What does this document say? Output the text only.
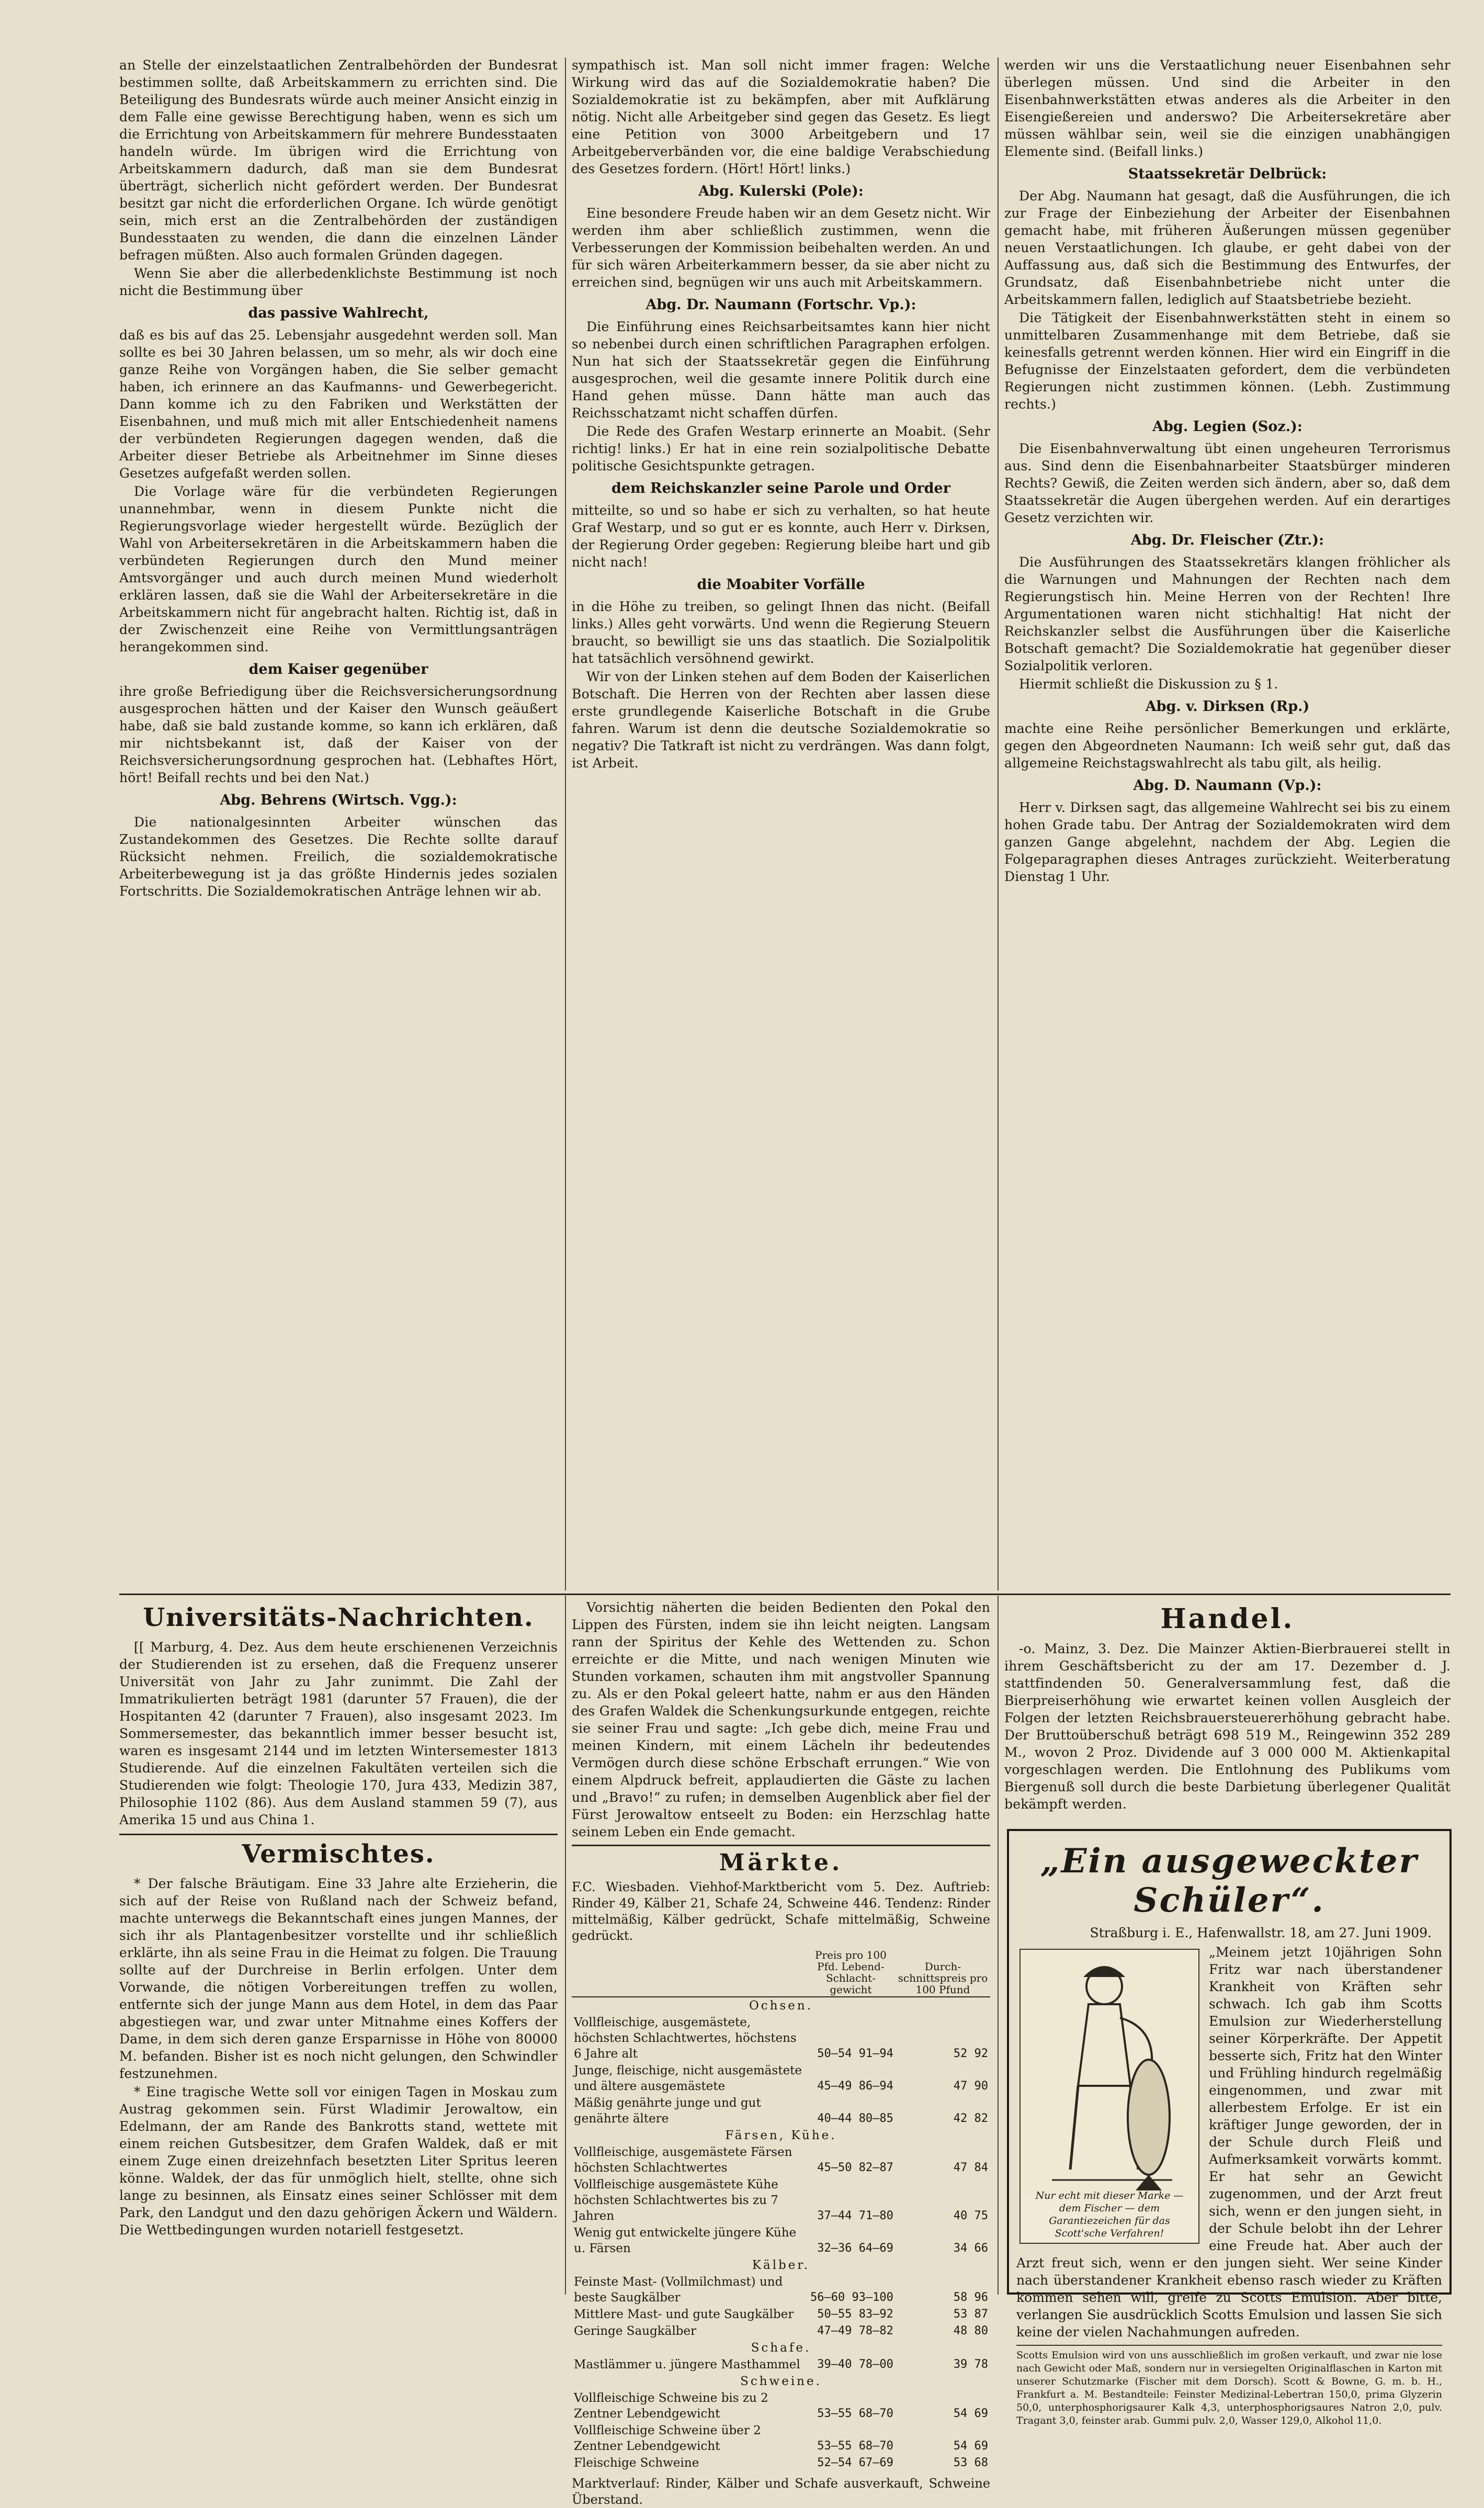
an Stelle der einzelstaatlichen Zentralbehörden der Bundesrat bestimmen sollte, daß Arbeitskammern zu errichten sind. Die Beteiligung des Bundesrats würde auch meiner Ansicht einzig in dem Falle eine gewisse Berechtigung haben, wenn es sich um die Errichtung von Arbeitskammern für mehrere Bundesstaaten handeln würde. Im übrigen wird die Errichtung von Arbeitskammern dadurch, daß man sie dem Bundesrat überträgt, sicherlich nicht gefördert werden. Der Bundesrat besitzt gar nicht die erforderlichen Organe. Ich würde genötigt sein, mich erst an die Zentralbehörden der zuständigen Bundesstaaten zu wenden, die dann die einzelnen Länder befragen müßten. Also auch formalen Gründen dagegen.

Wenn Sie aber die allerbedenklichste Bestimmung ist noch nicht die Bestimmung über

das passive Wahlrecht,

daß es bis auf das 25. Lebensjahr ausgedehnt werden soll. Man sollte es bei 30 Jahren belassen, um so mehr, als wir doch eine ganze Reihe von Vorgängen haben, die Sie selber gemacht haben, ich erinnere an das Kaufmanns- und Gewerbegericht. Dann komme ich zu den Fabriken und Werkstätten der Eisenbahnen, und muß mich mit aller Entschiedenheit namens der verbündeten Regierungen dagegen wenden, daß die Arbeiter dieser Betriebe als Arbeitnehmer im Sinne dieses Gesetzes aufgefaßt werden sollen.

Die Vorlage wäre für die verbündeten Regierungen unannehmbar, wenn in diesem Punkte nicht die Regierungsvorlage wieder hergestellt würde. Bezüglich der Wahl von Arbeitersekretären in die Arbeitskammern haben die verbündeten Regierungen durch den Mund meiner Amtsvorgänger und auch durch meinen Mund wiederholt erklären lassen, daß sie die Wahl der Arbeitersekretäre in die Arbeitskammern nicht für angebracht halten. Richtig ist, daß in der Zwischenzeit eine Reihe von Vermittlungsanträgen herangekommen sind.

dem Kaiser gegenüber

ihre große Befriedigung über die Reichsversicherungsordnung ausgesprochen hätten und der Kaiser den Wunsch geäußert habe, daß sie bald zustande komme, so kann ich erklären, daß mir nichtsbekannt ist, daß der Kaiser von der Reichsversicherungsordnung gesprochen hat. (Lebhaftes Hört, hört! Beifall rechts und bei den Nat.)

Abg. Behrens (Wirtsch. Vgg.):

Die nationalgesinnten Arbeiter wünschen das Zustandekommen des Gesetzes. Die Rechte sollte darauf Rücksicht nehmen. Freilich, die sozialdemokratische Arbeiterbewegung ist ja das größte Hindernis jedes sozialen Fortschritts. Die Sozialdemokratischen Anträge lehnen wir ab.

sympathisch ist. Man soll nicht immer fragen: Welche Wirkung wird das auf die Sozialdemokratie haben? Die Sozialdemokratie ist zu bekämpfen, aber mit Aufklärung nötig. Nicht alle Arbeitgeber sind gegen das Gesetz. Es liegt eine Petition von 3000 Arbeitgebern und 17 Arbeitgeberverbänden vor, die eine baldige Verabschiedung des Gesetzes fordern. (Hört! Hört! links.)

Abg. Kulerski (Pole):

Eine besondere Freude haben wir an dem Gesetz nicht. Wir werden ihm aber schließlich zustimmen, wenn die Verbesserungen der Kommission beibehalten werden. An und für sich wären Arbeiterkammern besser, da sie aber nicht zu erreichen sind, begnügen wir uns auch mit Arbeitskammern.

Abg. Dr. Naumann (Fortschr. Vp.):

Die Einführung eines Reichsarbeitsamtes kann hier nicht so nebenbei durch einen schriftlichen Paragraphen erfolgen. Nun hat sich der Staatssekretär gegen die Einführung ausgesprochen, weil die gesamte innere Politik durch eine Hand gehen müsse. Dann hätte man auch das Reichsschatzamt nicht schaffen dürfen.

Die Rede des Grafen Westarp erinnerte an Moabit. (Sehr richtig! links.) Er hat in eine rein sozialpolitische Debatte politische Gesichtspunkte getragen.

dem Reichskanzler seine Parole und Order

mitteilte, so und so habe er sich zu verhalten, so hat heute Graf Westarp, und so gut er es konnte, auch Herr v. Dirksen, der Regierung Order gegeben: Regierung bleibe hart und gib nicht nach!

die Moabiter Vorfälle

in die Höhe zu treiben, so gelingt Ihnen das nicht. (Beifall links.) Alles geht vorwärts. Und wenn die Regierung Steuern braucht, so bewilligt sie uns das staatlich. Die Sozialpolitik hat tatsächlich versöhnend gewirkt.

Wir von der Linken stehen auf dem Boden der Kaiserlichen Botschaft. Die Herren von der Rechten aber lassen diese erste grundlegende Kaiserliche Botschaft in die Grube fahren. Warum ist denn die deutsche Sozialdemokratie so negativ? Die Tatkraft ist nicht zu verdrängen. Was dann folgt, ist Arbeit.

werden wir uns die Verstaatlichung neuer Eisenbahnen sehr überlegen müssen. Und sind die Arbeiter in den Eisenbahnwerkstätten etwas anderes als die Arbeiter in den Eisengießereien und anderswo? Die Arbeitersekretäre aber müssen wählbar sein, weil sie die einzigen unabhängigen Elemente sind. (Beifall links.)

Staatssekretär Delbrück:

Der Abg. Naumann hat gesagt, daß die Ausführungen, die ich zur Frage der Einbeziehung der Arbeiter der Eisenbahnen gemacht habe, mit früheren Äußerungen müssen gegenüber neuen Verstaatlichungen. Ich glaube, er geht dabei von der Auffassung aus, daß sich die Bestimmung des Entwurfes, der Grundsatz, daß Eisenbahnbetriebe nicht unter die Arbeitskammern fallen, lediglich auf Staatsbetriebe bezieht.

Die Tätigkeit der Eisenbahnwerkstätten steht in einem so unmittelbaren Zusammenhange mit dem Betriebe, daß sie keinesfalls getrennt werden können. Hier wird ein Eingriff in die Befugnisse der Einzelstaaten gefordert, dem die verbündeten Regierungen nicht zustimmen können. (Lebh. Zustimmung rechts.)

Abg. Legien (Soz.):

Die Eisenbahnverwaltung übt einen ungeheuren Terrorismus aus. Sind denn die Eisenbahnarbeiter Staatsbürger minderen Rechts? Gewiß, die Zeiten werden sich ändern, aber so, daß dem Staatssekretär die Augen übergehen werden. Auf ein derartiges Gesetz verzichten wir.

Abg. Dr. Fleischer (Ztr.):

Die Ausführungen des Staatssekretärs klangen fröhlicher als die Warnungen und Mahnungen der Rechten nach dem Regierungstisch hin. Meine Herren von der Rechten! Ihre Argumentationen waren nicht stichhaltig! Hat nicht der Reichskanzler selbst die Ausführungen über die Kaiserliche Botschaft gemacht? Die Sozialdemokratie hat gegenüber dieser Sozialpolitik verloren.

Hiermit schließt die Diskussion zu § 1.

Abg. v. Dirksen (Rp.)

machte eine Reihe persönlicher Bemerkungen und erklärte, gegen den Abgeordneten Naumann: Ich weiß sehr gut, daß das allgemeine Reichstagswahlrecht als tabu gilt, als heilig.

Abg. D. Naumann (Vp.):

Herr v. Dirksen sagt, das allgemeine Wahlrecht sei bis zu einem hohen Grade tabu. Der Antrag der Sozialdemokraten wird dem ganzen Gange abgelehnt, nachdem der Abg. Legien die Folgeparagraphen dieses Antrages zurückzieht. Weiterberatung Dienstag 1 Uhr.

Universitäts-Nachrichten.

[[ Marburg, 4. Dez. Aus dem heute erschienenen Verzeichnis der Studierenden ist zu ersehen, daß die Frequenz unserer Universität von Jahr zu Jahr zunimmt. Die Zahl der Immatrikulierten beträgt 1981 (darunter 57 Frauen), die der Hospitanten 42 (darunter 7 Frauen), also insgesamt 2023. Im Sommersemester, das bekanntlich immer besser besucht ist, waren es insgesamt 2144 und im letzten Wintersemester 1813 Studierende. Auf die einzelnen Fakultäten verteilen sich die Studierenden wie folgt: Theologie 170, Jura 433, Medizin 387, Philosophie 1102 (86). Aus dem Ausland stammen 59 (7), aus Amerika 15 und aus China 1.

Vermischtes.

* Der falsche Bräutigam. Eine 33 Jahre alte Erzieherin, die sich auf der Reise von Rußland nach der Schweiz befand, machte unterwegs die Bekanntschaft eines jungen Mannes, der sich ihr als Plantagenbesitzer vorstellte und ihr schließlich erklärte, ihn als seine Frau in die Heimat zu folgen. Die Trauung sollte auf der Durchreise in Berlin erfolgen. Unter dem Vorwande, die nötigen Vorbereitungen treffen zu wollen, entfernte sich der junge Mann aus dem Hotel, in dem das Paar abgestiegen war, und zwar unter Mitnahme eines Koffers der Dame, in dem sich deren ganze Ersparnisse in Höhe von 80000 M. befanden. Bisher ist es noch nicht gelungen, den Schwindler festzunehmen.

* Eine tragische Wette soll vor einigen Tagen in Moskau zum Austrag gekommen sein. Fürst Wladimir Jerowaltow, ein Edelmann, der am Rande des Bankrotts stand, wettete mit einem reichen Gutsbesitzer, dem Grafen Waldek, daß er mit einem Zuge einen dreizehnfach besetzten Liter Spritus leeren könne. Waldek, der das für unmöglich hielt, stellte, ohne sich lange zu besinnen, als Einsatz eines seiner Schlösser mit dem Park, den Landgut und den dazu gehörigen Äckern und Wäldern. Die Wettbedingungen wurden notariell festgesetzt.

Vorsichtig näherten die beiden Bedienten den Pokal den Lippen des Fürsten, indem sie ihn leicht neigten. Langsam rann der Spiritus der Kehle des Wettenden zu. Schon erreichte er die Mitte, und nach wenigen Minuten wie Stunden vorkamen, schauten ihm mit angstvoller Spannung zu. Als er den Pokal geleert hatte, nahm er aus den Händen des Grafen Waldek die Schenkungsurkunde entgegen, reichte sie seiner Frau und sagte: „Ich gebe dich, meine Frau und meinen Kindern, mit einem Lächeln ihr bedeutendes Vermögen durch diese schöne Erbschaft errungen.“ Wie von einem Alpdruck befreit, applaudierten die Gäste zu lachen und „Bravo!“ zu rufen; in demselben Augenblick aber fiel der Fürst Jerowaltow entseelt zu Boden: ein Herzschlag hatte seinem Leben ein Ende gemacht.

Märkte.
F.C. Wiesbaden. Viehhof-Marktbericht vom 5. Dez. Auftrieb: Rinder 49, Kälber 21, Schafe 24, Schweine 446. Tendenz: Rinder mittelmäßig, Kälber gedrückt, Schafe mittelmäßig, Schweine gedrückt.
	Preis pro 100 Pfd. Lebend- Schlacht- gewicht	Durch- schnittspreis pro 100 Pfund
Ochsen.		
Vollfleischige, ausgemästete, höchsten Schlachtwertes, höchstens 6 Jahre alt	50—54 91—94	52 92
Junge, fleischige, nicht ausgemästete und ältere ausgemästete	45—49 86—94	47 90
Mäßig genährte junge und gut genährte ältere	40—44 80—85	42 82
Färsen, Kühe.		
Vollfleischige, ausgemästete Färsen höchsten Schlachtwertes	45—50 82—87	47 84
Vollfleischige ausgemästete Kühe höchsten Schlachtwertes bis zu 7 Jahren	37—44 71—80	40 75
Wenig gut entwickelte jüngere Kühe u. Färsen	32—36 64—69	34 66
Kälber.		
Feinste Mast- (Vollmilchmast) und beste Saugkälber	56—60 93—100	58 96
Mittlere Mast- und gute Saugkälber	50—55 83—92	53 87
Geringe Saugkälber	47—49 78—82	48 80
Schafe.		
Mastlämmer u. jüngere Masthammel	39—40 78—00	39 78
Schweine.		
Vollfleischige Schweine bis zu 2 Zentner Lebendgewicht	53—55 68—70	54 69
Vollfleischige Schweine über 2 Zentner Lebendgewicht	53—55 68—70	54 69
Fleischige Schweine	52—54 67—69	53 68
Marktverlauf: Rinder, Kälber und Schafe ausverkauft, Schweine Überstand.
Handel.

-o. Mainz, 3. Dez. Die Mainzer Aktien-Bierbrauerei stellt in ihrem Geschäftsbericht zu der am 17. Dezember d. J. stattfindenden 50. Generalversammlung fest, daß die Bierpreiserhöhung wie erwartet keinen vollen Ausgleich der Folgen der letzten Reichsbrauersteuererhöhung gebracht habe. Der Bruttoüberschuß beträgt 698 519 M., Reingewinn 352 289 M., wovon 2 Proz. Dividende auf 3 000 000 M. Aktienkapital vorgeschlagen werden. Die Entlohnung des Publikums vom Biergenuß soll durch die beste Darbietung überlegener Qualität bekämpft werden.

„Ein ausgeweckter Schüler“.
Straßburg i. E., Hafenwallstr. 18, am 27. Juni 1909.
Nur echt mit dieser Marke — dem Fischer — dem Garantiezeichen für das Scott'sche Verfahren!
„Meinem jetzt 10jährigen Sohn Fritz war nach überstandener Krankheit von Kräften sehr schwach. Ich gab ihm Scotts Emulsion zur Wiederherstellung seiner Körperkräfte. Der Appetit besserte sich, Fritz hat den Winter und Frühling hindurch regelmäßig eingenommen, und zwar mit allerbestem Erfolge. Er ist ein kräftiger Junge geworden, der in der Schule durch Fleiß und Aufmerksamkeit vorwärts kommt. Er hat sehr an Gewicht zugenommen, und der Arzt freut sich, wenn er den jungen sieht, in der Schule belobt ihn der Lehrer eine Freude hat. Aber auch der Arzt freut sich, wenn er den jungen sieht. Wer seine Kinder nach überstandener Krankheit ebenso rasch wieder zu Kräften kommen sehen will, greife zu Scotts Emulsion. Aber bitte, verlangen Sie ausdrücklich Scotts Emulsion und lassen Sie sich keine der vielen Nachahmungen aufreden.
Scotts Emulsion wird von uns ausschließlich im großen verkauft, und zwar nie lose nach Gewicht oder Maß, sondern nur in versiegelten Originalflaschen in Karton mit unserer Schutzmarke (Fischer mit dem Dorsch). Scott & Bowne, G. m. b. H., Frankfurt a. M. Bestandteile: Feinster Medizinal-Lebertran 150,0, prima Glyzerin 50,0, unterphosphorigsaurer Kalk 4,3, unterphosphorigsaures Natron 2,0, pulv. Tragant 3,0, feinster arab. Gummi pulv. 2,0, Wasser 129,0, Alkohol 11,0.
